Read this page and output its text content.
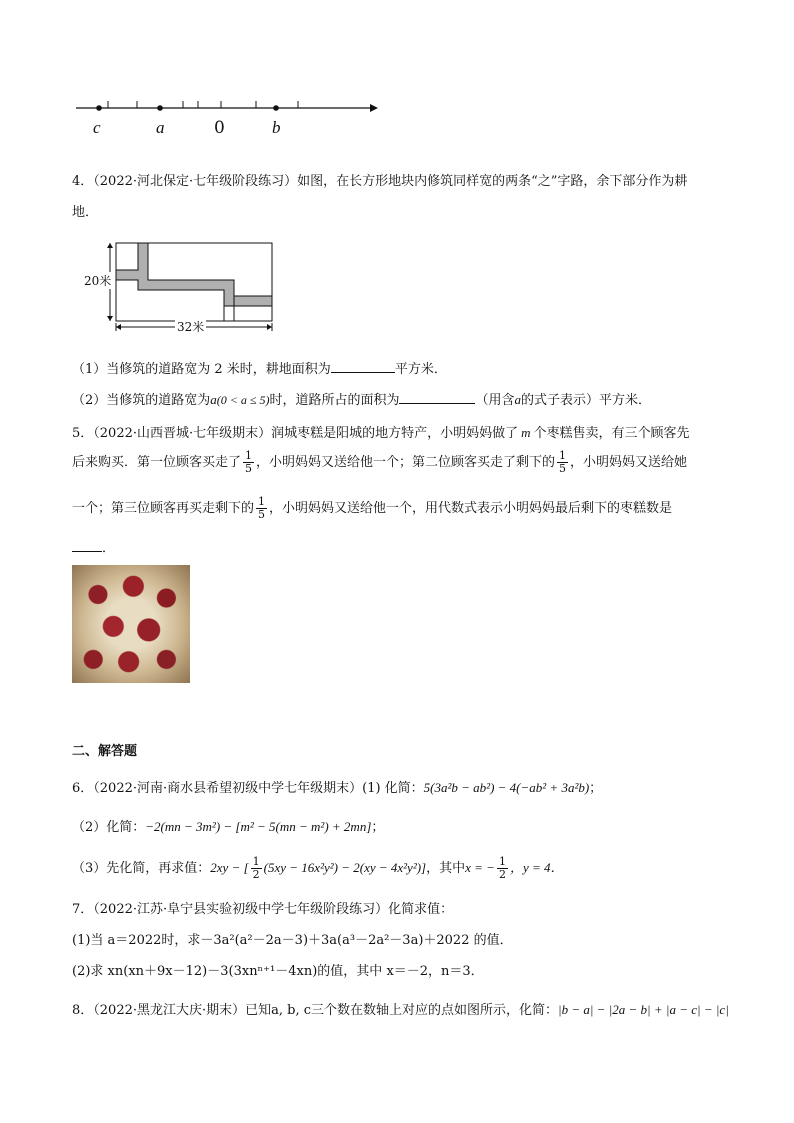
c	a	0	b
4．（2022·河北保定·七年级阶段练习）如图，在长方形地块内修筑同样宽的两条“之”字路，余下部分作为耕
地．
20米
32米
（1）当修筑的道路宽为 2 米时，耕地面积为	平方米．
（2）当修筑的道路宽为a(0 < a ≤ 5)时，道路所占的面积为	（用含a的式子表示）平方米．
5．（2022·山西晋城·七年级期末）润城枣糕是阳城的地方特产，小明妈妈做了 m 个枣糕售卖，有三个顾客先
后来购买．第一位顾客买走了 $\frac{1}{5}$ ，小明妈妈又送给他一个；第二位顾客买走了剩下的 $\frac{1}{5}$ ，小明妈妈又送给她
一个；第三位顾客再买走剩下的 $\frac{1}{5}$ ，小明妈妈又送给他一个，用代数式表示小明妈妈最后剩下的枣糕数是
．
二、解答题
6．（2022·河南·商水县希望初级中学七年级期末）(1) 化简：5(3a²b − ab²) − 4(−ab² + 3a²b)；
（2）化简：−2(mn − 3m²) − [m² − 5(mn − m²) + 2mn]；
（3）先化简，再求值：2xy − [ $\frac{1}{2} (5xy - 16x^2y^2) - 2(xy - 4x^2y^2)$]，其中x = − $\frac{1}{2}$ ，y = 4．
7．（2022·江苏·阜宁县实验初级中学七年级阶段练习）化简求值：
(1)当 a＝2022时，求－3a²(a²－2a－3)＋3a(a³－2a²－3a)＋2022 的值．
(2)求 xn(xn＋9x－12)－3(3xnⁿ⁺¹－4xn)的值，其中 x＝－2，n＝3．
8．（2022·黑龙江大庆·期末）已知a, b, c三个数在数轴上对应的点如图所示，化简：|b − a| − |2a − b| + |a − c| − |c|
